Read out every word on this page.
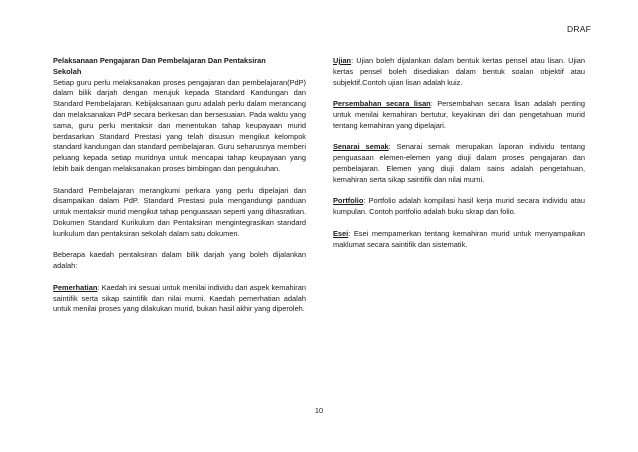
DRAF

Pelaksanaan Pengajaran Dan Pembelajaran Dan Pentaksiran
Sekolah

Setiap guru perlu melaksanakan proses pengajaran dan pembelajaran(PdP) dalam bilik darjah dengan merujuk kepada Standard Kandungan dan Standard Pembelajaran. Kebijaksanaan guru adalah perlu dalam merancang dan melaksanakan PdP secara berkesan dan bersesuaian. Pada waktu yang sama, guru perlu mentaksir dan menentukan tahap keupayaan murid berdasarkan Standard Prestasi yang telah disusun mengikut kelompok standard kandungan dan standard pembelajaran. Guru seharusnya memberi peluang kepada setiap muridnya untuk mencapai tahap keupayaan yang lebih baik dengan melaksanakan proses bimbingan dan pengukuhan.

Standard Pembelajaran merangkumi perkara yang perlu dipelajari dan disampaikan dalam PdP. Standard Prestasi pula mengandungi panduan untuk mentaksir murid mengikut tahap penguasaan seperti yang dihasratkan. Dokumen Standard Kurikulum dan Pentaksiran mengintegrasikan standard kurikulum dan pentaksiran sekolah dalam satu dokumen.

Beberapa kaedah pentaksiran dalam bilik darjah yang boleh dijalankan adalah:

Pemerhatian: Kaedah ini sesuai untuk menilai individu dari aspek kemahiran saintifik serta sikap saintifik dan nilai murni. Kaedah pemerhatian adalah untuk menilai proses yang dilakukan murid, bukan hasil akhir yang diperoleh.

Ujian: Ujian boleh dijalankan dalam bentuk kertas pensel atau lisan. Ujian kertas pensel boleh disediakan dalam bentuk soalan objektif atau subjektif.Contoh ujian lisan adalah kuiz.

Persembahan secara lisan: Persembahan secara lisan adalah penting untuk menilai kemahiran bertutur, keyakinan diri dan pengetahuan murid tentang kemahiran yang dipelajari.

Senarai semak: Senarai semak merupakan laporan individu tentang penguasaan elemen-elemen yang diuji dalam proses pengajaran dan pembelajaran. Elemen yang diuji dalam sains adalah pengetahuan, kemahiran serta sikap saintifik dan nilai murni.

Portfolio: Portfolio adalah kompilasi hasil kerja murid secara individu atau kumpulan. Contoh portfolio adalah buku skrap dan folio.

Esei: Esei mempamerkan tentang kemahiran murid untuk menyampaikan maklumat secara saintifik dan sistematik.

10
